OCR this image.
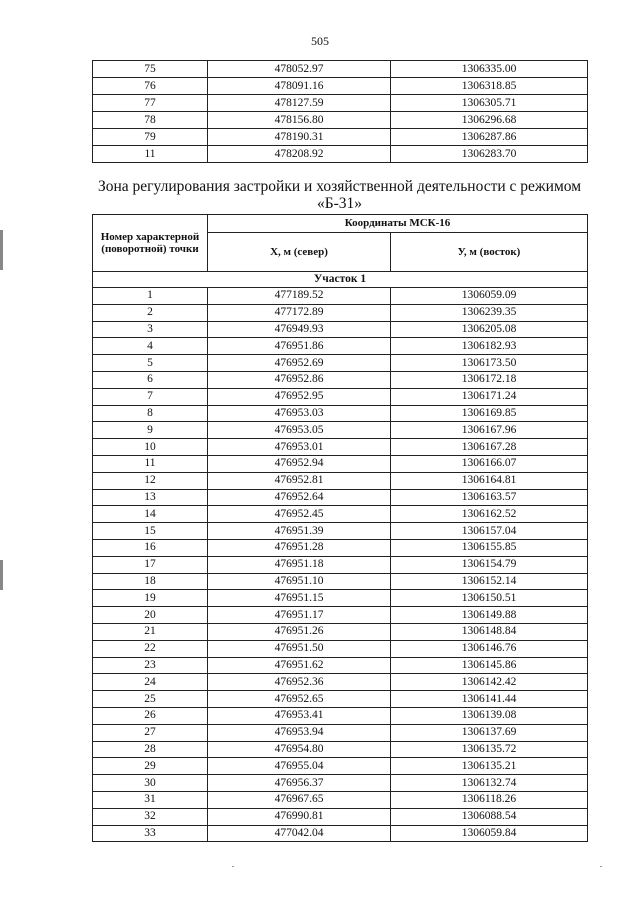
505
75	478052.97	1306335.00
76	478091.16	1306318.85
77	478127.59	1306305.71
78	478156.80	1306296.68
79	478190.31	1306287.86
11	478208.92	1306283.70
Зона регулирования застройки и хозяйственной деятельности с режимом «Б-31»
Номер характерной (поворотной) точки	Координаты МСК-16	
	Х, м (север)	У, м (восток)
Участок 1		
1	477189.52	1306059.09
2	477172.89	1306239.35
3	476949.93	1306205.08
4	476951.86	1306182.93
5	476952.69	1306173.50
6	476952.86	1306172.18
7	476952.95	1306171.24
8	476953.03	1306169.85
9	476953.05	1306167.96
10	476953.01	1306167.28
11	476952.94	1306166.07
12	476952.81	1306164.81
13	476952.64	1306163.57
14	476952.45	1306162.52
15	476951.39	1306157.04
16	476951.28	1306155.85
17	476951.18	1306154.79
18	476951.10	1306152.14
19	476951.15	1306150.51
20	476951.17	1306149.88
21	476951.26	1306148.84
22	476951.50	1306146.76
23	476951.62	1306145.86
24	476952.36	1306142.42
25	476952.65	1306141.44
26	476953.41	1306139.08
27	476953.94	1306137.69
28	476954.80	1306135.72
29	476955.04	1306135.21
30	476956.37	1306132.74
31	476967.65	1306118.26
32	476990.81	1306088.54
33	477042.04	1306059.84
